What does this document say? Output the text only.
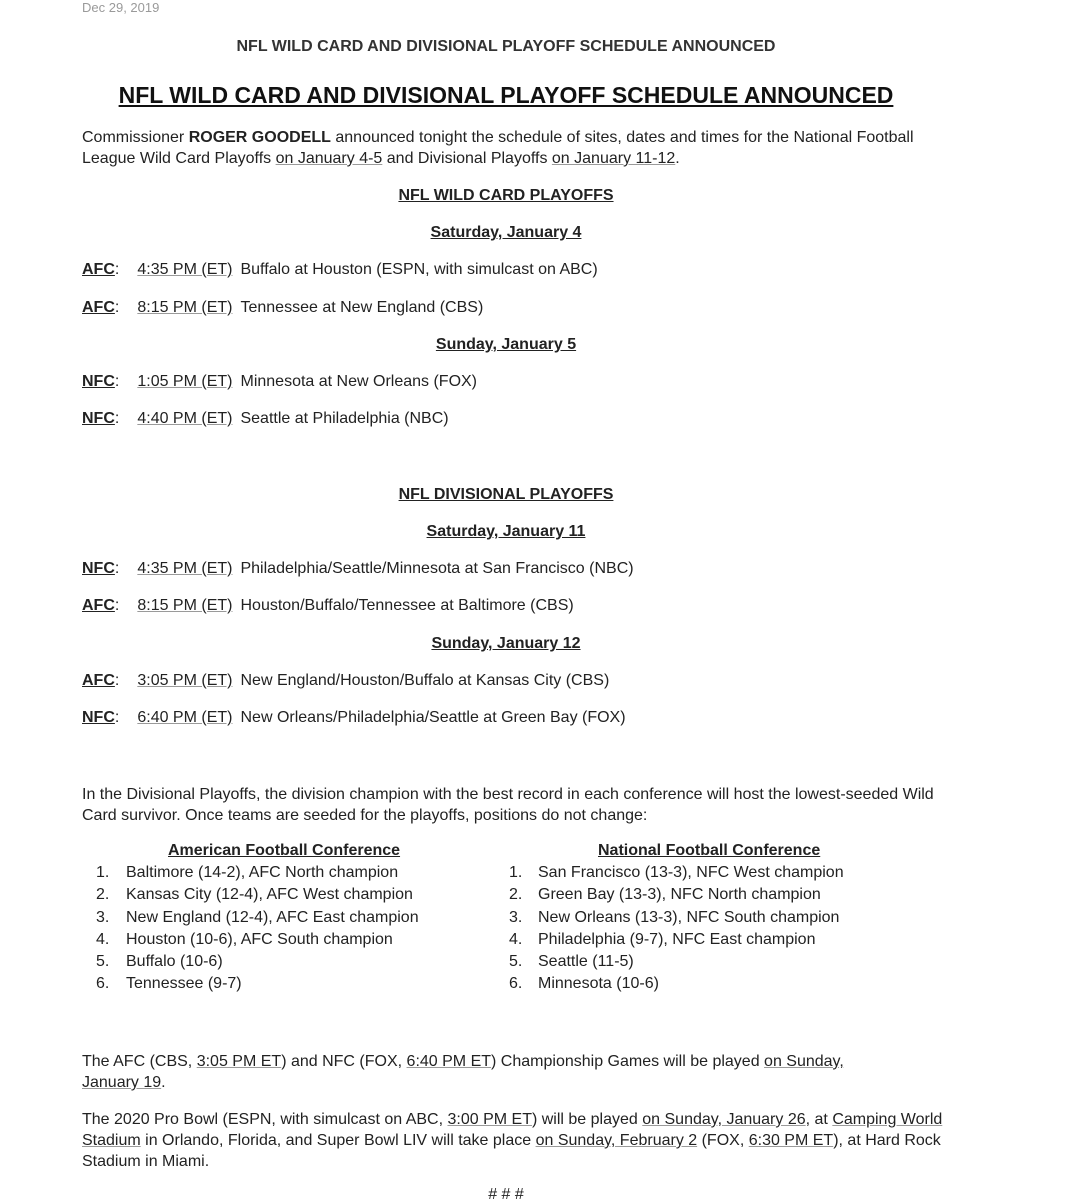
Dec 29, 2019
NFL WILD CARD AND DIVISIONAL PLAYOFF SCHEDULE ANNOUNCED
NFL WILD CARD AND DIVISIONAL PLAYOFF SCHEDULE ANNOUNCED
Commissioner ROGER GOODELL announced tonight the schedule of sites, dates and times for the National Football League Wild Card Playoffs on January 4-5 and Divisional Playoffs on January 11-12.
NFL WILD CARD PLAYOFFS
Saturday, January 4
AFC: 4:35 PM (ET) Buffalo at Houston (ESPN, with simulcast on ABC)
AFC: 8:15 PM (ET) Tennessee at New England (CBS)
Sunday, January 5
NFC: 1:05 PM (ET) Minnesota at New Orleans (FOX)
NFC: 4:40 PM (ET) Seattle at Philadelphia (NBC)
NFL DIVISIONAL PLAYOFFS
Saturday, January 11
NFC: 4:35 PM (ET) Philadelphia/Seattle/Minnesota at San Francisco (NBC)
AFC: 8:15 PM (ET) Houston/Buffalo/Tennessee at Baltimore (CBS)
Sunday, January 12
AFC: 3:05 PM (ET) New England/Houston/Buffalo at Kansas City (CBS)
NFC: 6:40 PM (ET) New Orleans/Philadelphia/Seattle at Green Bay (FOX)
In the Divisional Playoffs, the division champion with the best record in each conference will host the lowest-seeded Wild Card survivor. Once teams are seeded for the playoffs, positions do not change:
American Football Conference	National Football Conference
1. Baltimore (14-2), AFC North champion
2. Kansas City (12-4), AFC West champion
3. New England (12-4), AFC East champion
4. Houston (10-6), AFC South champion
5. Buffalo (10-6)
6. Tennessee (9-7)
1. San Francisco (13-3), NFC West champion
2. Green Bay (13-3), NFC North champion
3. New Orleans (13-3), NFC South champion
4. Philadelphia (9-7), NFC East champion
5. Seattle (11-5)
6. Minnesota (10-6)
The AFC (CBS, 3:05 PM ET) and NFC (FOX, 6:40 PM ET) Championship Games will be played on Sunday, January 19.
The 2020 Pro Bowl (ESPN, with simulcast on ABC, 3:00 PM ET) will be played on Sunday, January 26, at Camping World Stadium in Orlando, Florida, and Super Bowl LIV will take place on Sunday, February 2 (FOX, 6:30 PM ET), at Hard Rock Stadium in Miami.
# # #
